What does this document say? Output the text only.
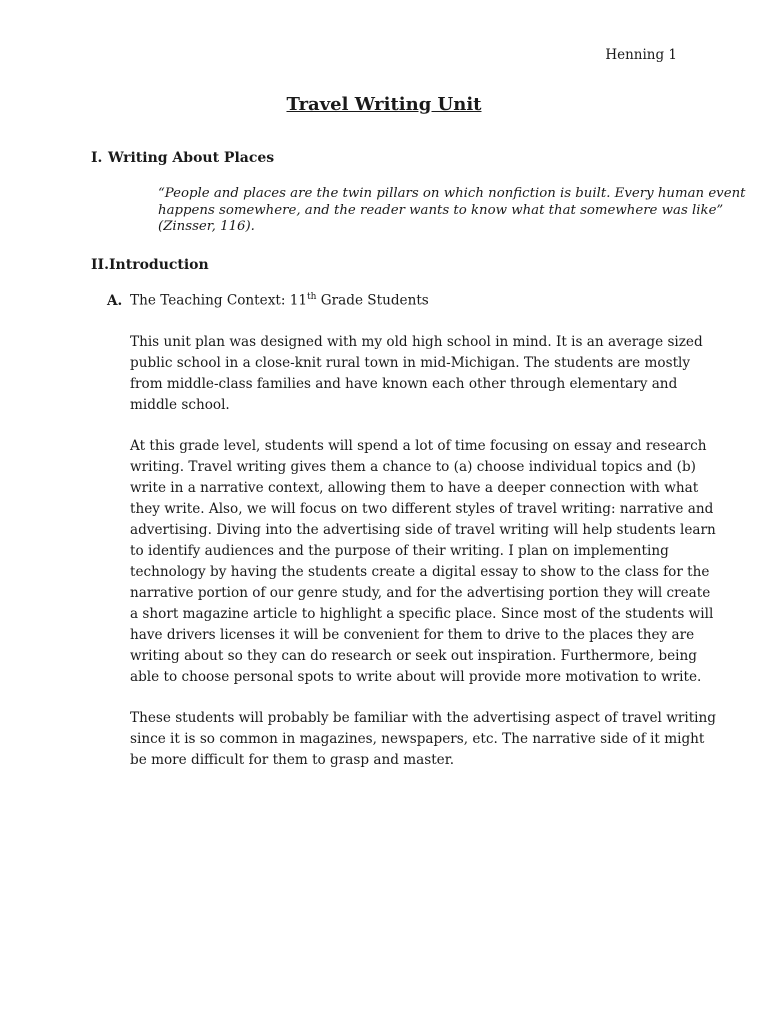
Henning 1
Travel Writing Unit
I. Writing About Places
“People and places are the twin pillars on which nonfiction is built. Every human event
happens somewhere, and the reader wants to know what that somewhere was like”
(Zinsser, 116).
II.Introduction
A. The Teaching Context: 11th Grade Students
This unit plan was designed with my old high school in mind. It is an average sized
public school in a close-knit rural town in mid-Michigan. The students are mostly
from middle-class families and have known each other through elementary and
middle school.
At this grade level, students will spend a lot of time focusing on essay and research
writing. Travel writing gives them a chance to (a) choose individual topics and (b)
write in a narrative context, allowing them to have a deeper connection with what
they write. Also, we will focus on two different styles of travel writing: narrative and
advertising. Diving into the advertising side of travel writing will help students learn
to identify audiences and the purpose of their writing. I plan on implementing
technology by having the students create a digital essay to show to the class for the
narrative portion of our genre study, and for the advertising portion they will create
a short magazine article to highlight a specific place. Since most of the students will
have drivers licenses it will be convenient for them to drive to the places they are
writing about so they can do research or seek out inspiration. Furthermore, being
able to choose personal spots to write about will provide more motivation to write.
These students will probably be familiar with the advertising aspect of travel writing
since it is so common in magazines, newspapers, etc. The narrative side of it might
be more difficult for them to grasp and master.
